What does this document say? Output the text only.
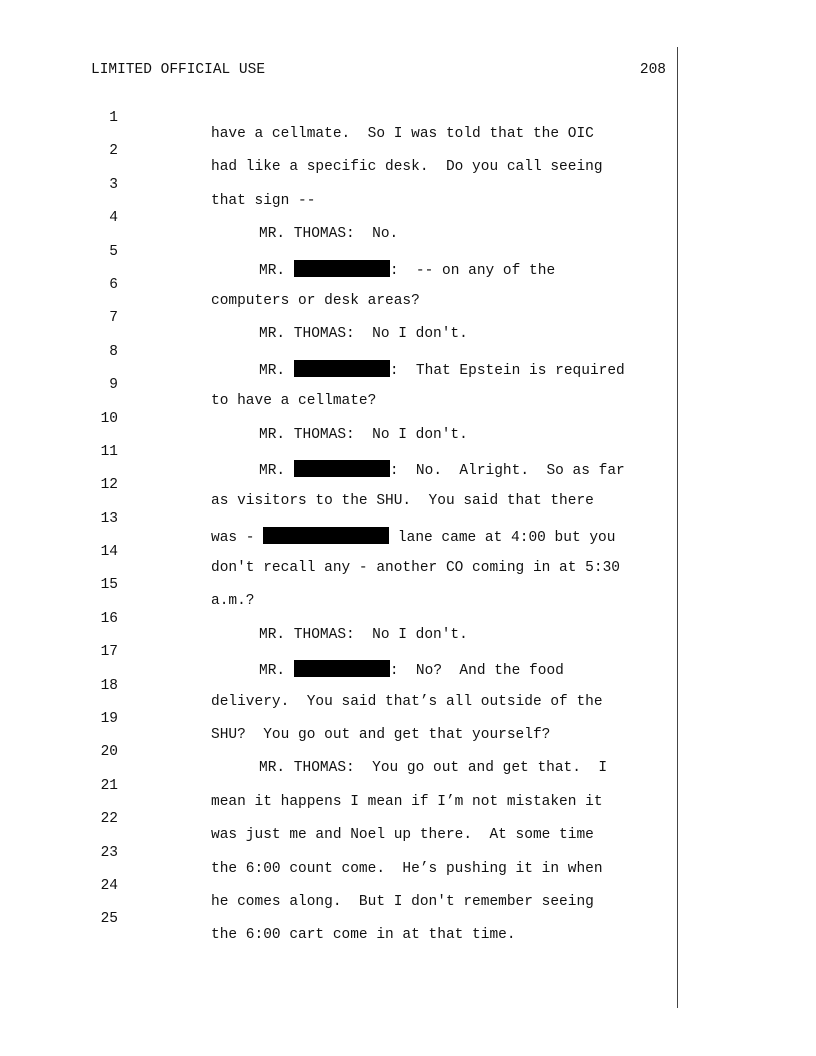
LIMITED OFFICIAL USE	208

1

have a cellmate.  So I was told that the OIC

2

had like a specific desk.  Do you call seeing

3

that sign --

4

MR. THOMAS:  No.

5

MR.	:  -- on any of the

6

computers or desk areas?

7

MR. THOMAS:  No I don't.

8

MR.	:  That Epstein is required

9

to have a cellmate?

10

MR. THOMAS:  No I don't.

11

MR.	:  No.  Alright.  So as far

12

as visitors to the SHU.  You said that there

13

was -	lane came at 4:00 but you

14

don't recall any - another CO coming in at 5:30

15

a.m.?

16

MR. THOMAS:  No I don't.

17

MR.	:  No?  And the food

18

delivery.  You said that’s all outside of the

19

SHU?  You go out and get that yourself?

20

MR. THOMAS:  You go out and get that.  I

21

mean it happens I mean if I’m not mistaken it

22

was just me and Noel up there.  At some time

23

the 6:00 count come.  He’s pushing it in when

24

he comes along.  But I don't remember seeing

25

the 6:00 cart come in at that time.
